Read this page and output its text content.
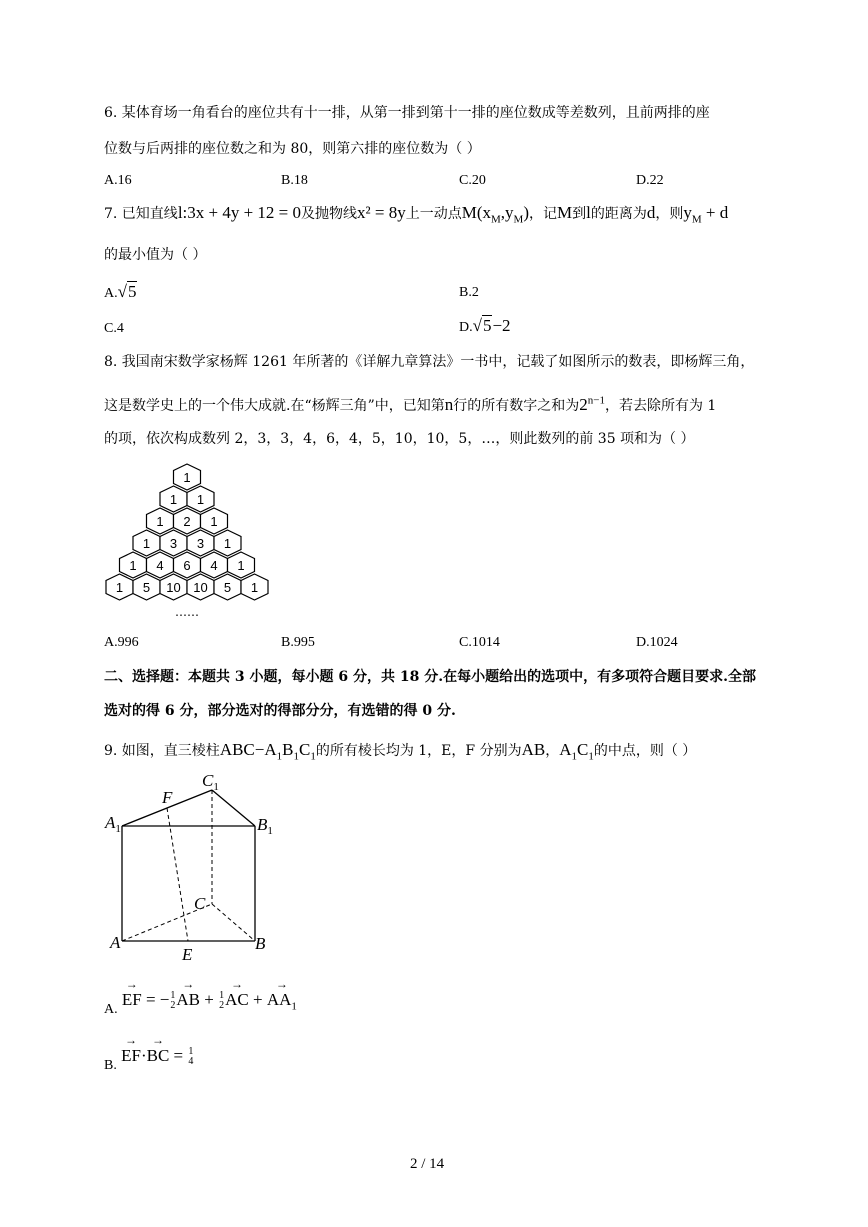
6. 某体育场一角看台的座位共有十一排，从第一排到第十一排的座位数成等差数列，且前两排的座
位数与后两排的座位数之和为 80，则第六排的座位数为（ ）
A.16	B.18	C.20	D.22
7. 已知直线l:3x + 4y + 12 = 0及抛物线x² = 8y上一动点$M(x_M,y_M)$，记M到l的距离为d，则$y_M + d$
的最小值为（ ）
A.√5	B.2
C.4	D.√5−2
8. 我国南宋数学家杨辉 1261 年所著的《详解九章算法》一书中，记载了如图所示的数表，即杨辉三角，
这是数学史上的一个伟大成就.在“杨辉三角”中，已知第n行的所有数字之和为$2^{n-1}$，若去除所有为 1
的项，依次构成数列 2，3，3，4，6，4，5，10，10，5，…，则此数列的前 35 项和为（ ）
1
1 1
1 2 1
1 3 3 1
1 4 6 4 1
1 5 10 10 5 1
……
A.996	B.995	C.1014	D.1024
二、选择题：本题共 3 小题，每小题 6 分，共 18 分.在每小题给出的选项中，有多项符合题目要求.全部
选对的得 6 分，部分选对的得部分分，有选错的得 0 分.
9. 如图，直三棱柱$ABC-A_1B_1C_1$的所有棱长均为 1，E，F 分别为AB，$A_1C_1$的中点，则（ ）
$C_1$
F
$A_1$	$B_1$
C
A	B
E
A. → EF = − 1
2 → AB + 1
2 → AC + → $AA_1$
B. → EF·→ BC = 1
4
2 / 14
